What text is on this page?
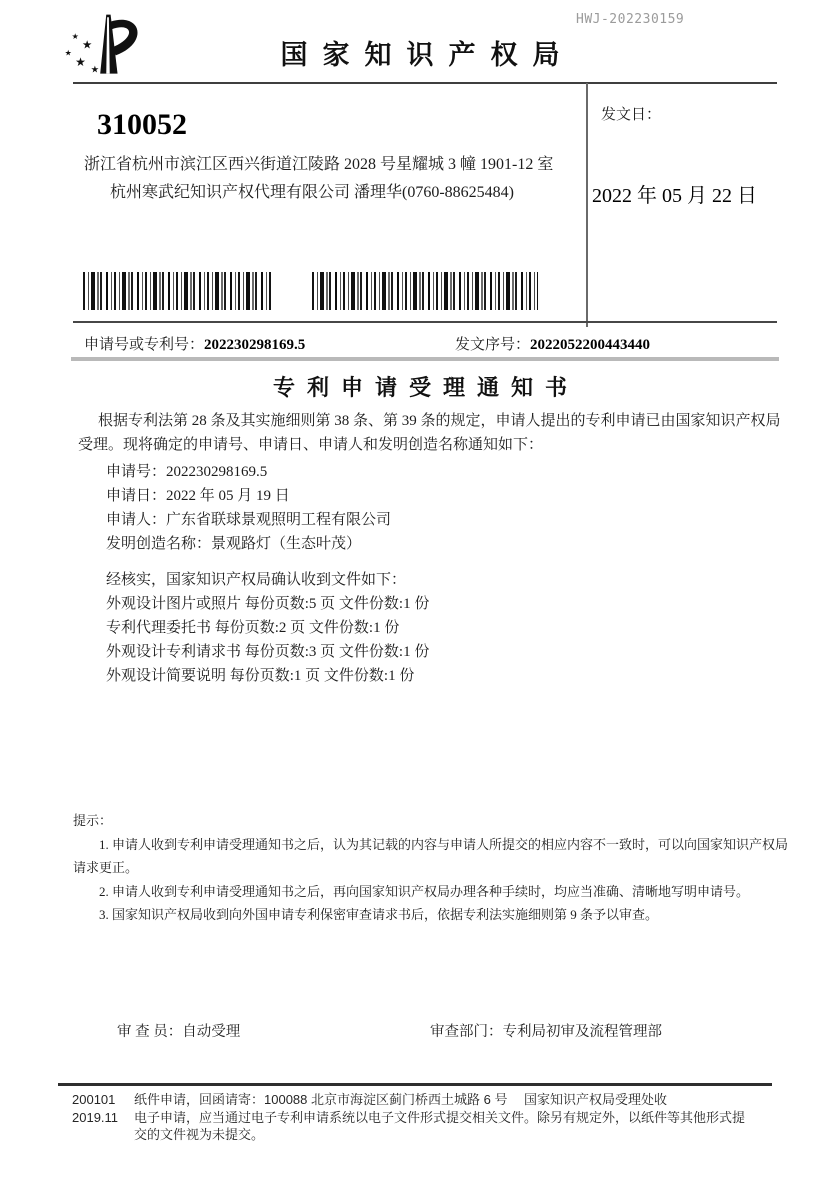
HWJ-202230159
★
★
★
★
★
国家知识产权局
310052
浙江省杭州市滨江区西兴街道江陵路 2028 号星耀城 3 幢 1901-12 室
杭州寒武纪知识产权代理有限公司 潘理华(0760-88625484)
发文日：
2022 年 05 月 22 日
申请号或专利号：202230298169.5	发文序号：2022052200443440
专利申请受理通知书

根据专利法第 28 条及其实施细则第 38 条、第 39 条的规定，申请人提出的专利申请已由国家知识产权局受理。现将确定的申请号、申请日、申请人和发明创造名称通知如下：

申请号：202230298169.5
申请日：2022 年 05 月 19 日
申请人：广东省联球景观照明工程有限公司
发明创造名称：景观路灯（生态叶茂）
经核实，国家知识产权局确认收到文件如下：
外观设计图片或照片 每份页数:5 页 文件份数:1 份
专利代理委托书 每份页数:2 页 文件份数:1 份
外观设计专利请求书 每份页数:3 页 文件份数:1 份
外观设计简要说明 每份页数:1 页 文件份数:1 份

提示：

1. 申请人收到专利申请受理通知书之后，认为其记载的内容与申请人所提交的相应内容不一致时，可以向国家知识产权局请求更正。

2. 申请人收到专利申请受理通知书之后，再向国家知识产权局办理各种手续时，均应当准确、清晰地写明申请号。

3. 国家知识产权局收到向外国申请专利保密审查请求书后，依据专利法实施细则第 9 条予以审查。

审 查 员：自动受理	审查部门：专利局初审及流程管理部
200101	纸件申请，回函请寄：100088 北京市海淀区蓟门桥西土城路 6 号　 国家知识产权局受理处收
2019.11	电子申请，应当通过电子专利申请系统以电子文件形式提交相关文件。除另有规定外，以纸件等其他形式提交的文件视为未提交。
